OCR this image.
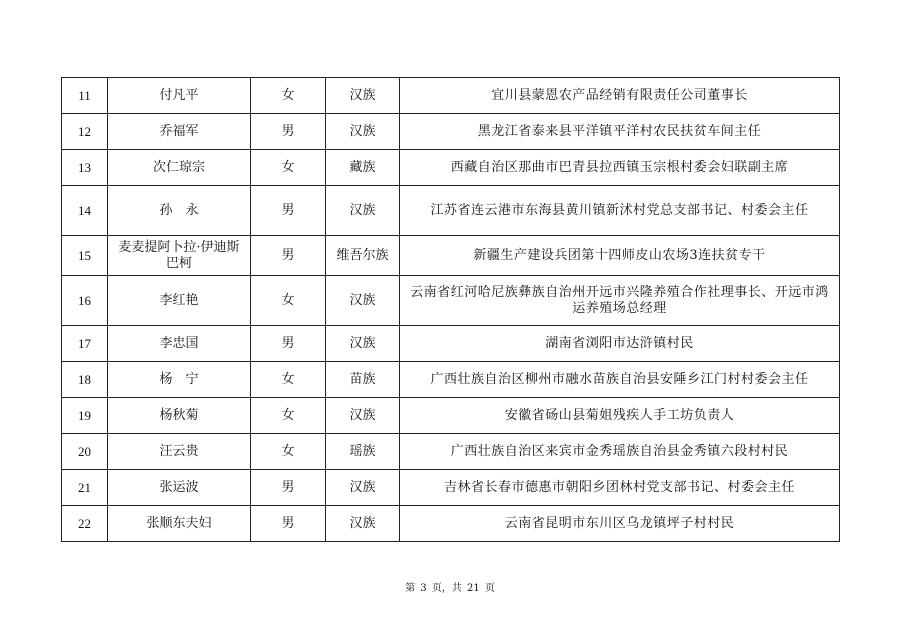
11	付凡平	女	汉族	宜川县蒙恩农产品经销有限责任公司董事长
12	乔福军	男	汉族	黑龙江省泰来县平洋镇平洋村农民扶贫车间主任
13	次仁琼宗	女	藏族	西藏自治区那曲市巴青县拉西镇玉宗根村委会妇联副主席
14	孙　永	男	汉族	江苏省连云港市东海县黄川镇新沭村党总支部书记、村委会主任
15	麦麦提阿卜拉·伊迪斯巴柯	男	维吾尔族	新疆生产建设兵团第十四师皮山农场3连扶贫专干
16	李红艳	女	汉族	云南省红河哈尼族彝族自治州开远市兴隆养殖合作社理事长、开远市鸿运养殖场总经理
17	李忠国	男	汉族	湖南省浏阳市达浒镇村民
18	杨　宁	女	苗族	广西壮族自治区柳州市融水苗族自治县安陲乡江门村村委会主任
19	杨秋菊	女	汉族	安徽省砀山县菊姐残疾人手工坊负责人
20	汪云贵	女	瑶族	广西壮族自治区来宾市金秀瑶族自治县金秀镇六段村村民
21	张运波	男	汉族	吉林省长春市德惠市朝阳乡团林村党支部书记、村委会主任
22	张顺东夫妇	男	汉族	云南省昆明市东川区乌龙镇坪子村村民
第 3 页，共 21 页
